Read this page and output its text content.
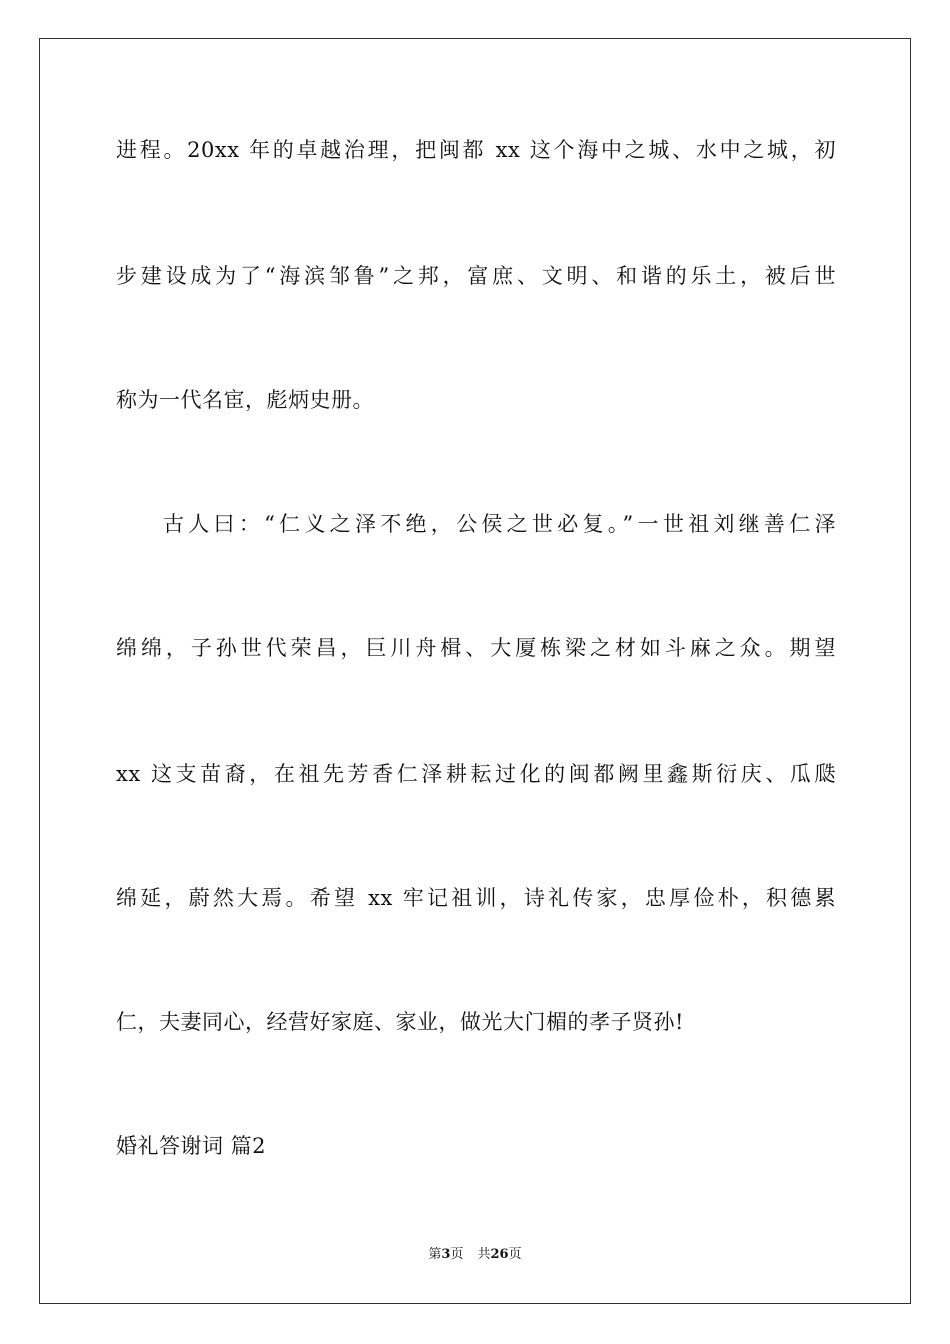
进程。20xx 年的卓越治理，把闽都 xx 这个海中之城、水中之城，初
步建设成为了“海滨邹鲁”之邦，富庶、文明、和谐的乐土，被后世
称为一代名宦，彪炳史册。
古人曰：“仁义之泽不绝，公侯之世必复。”一世祖刘继善仁泽
绵绵，子孙世代荣昌，巨川舟楫、大厦栋梁之材如斗麻之众。期望
xx 这支苗裔，在祖先芳香仁泽耕耘过化的闽都阙里鑫斯衍庆、瓜瓞
绵延，蔚然大焉。希望 xx 牢记祖训，诗礼传家，忠厚俭朴，积德累
仁，夫妻同心，经营好家庭、家业，做光大门楣的孝子贤孙!
婚礼答谢词 篇2
第3页 共26页
